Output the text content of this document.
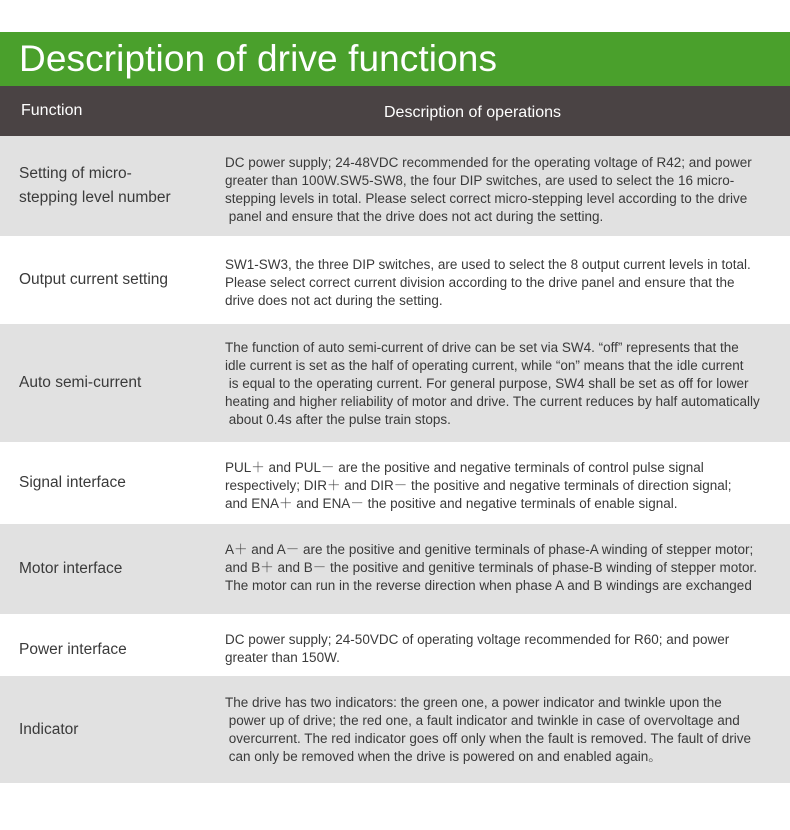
Description of drive functions
Function	Description of operations
Setting of micro-stepping level number
DC power supply; 24-48VDC recommended for the operating voltage of R42; and power
greater than 100W.SW5-SW8, the four DIP switches, are used to select the 16 micro-
stepping levels in total. Please select correct micro-stepping level according to the drive
panel and ensure that the drive does not act during the setting.
Output current setting
SW1-SW3, the three DIP switches, are used to select the 8 output current levels in total.
Please select correct current division according to the drive panel and ensure that the
drive does not act during the setting.
Auto semi-current
The function of auto semi-current of drive can be set via SW4. “off” represents that the
idle current is set as the half of operating current, while “on” means that the idle current
is equal to the operating current. For general purpose, SW4 shall be set as off for lower
heating and higher reliability of motor and drive. The current reduces by half automatically
about 0.4s after the pulse train stops.
Signal interface
PUL＋ and PUL－ are the positive and negative terminals of control pulse signal
respectively; DIR＋ and DIR－ the positive and negative terminals of direction signal;
and ENA＋ and ENA－ the positive and negative terminals of enable signal.
Motor interface
A＋ and A－ are the positive and genitive terminals of phase-A winding of stepper motor;
and B＋ and B－ the positive and genitive terminals of phase-B winding of stepper motor.
The motor can run in the reverse direction when phase A and B windings are exchanged
Power interface
DC power supply; 24-50VDC of operating voltage recommended for R60; and power
greater than 150W.
Indicator
The drive has two indicators: the green one, a power indicator and twinkle upon the
power up of drive; the red one, a fault indicator and twinkle in case of overvoltage and
overcurrent. The red indicator goes off only when the fault is removed. The fault of drive
can only be removed when the drive is powered on and enabled again。
